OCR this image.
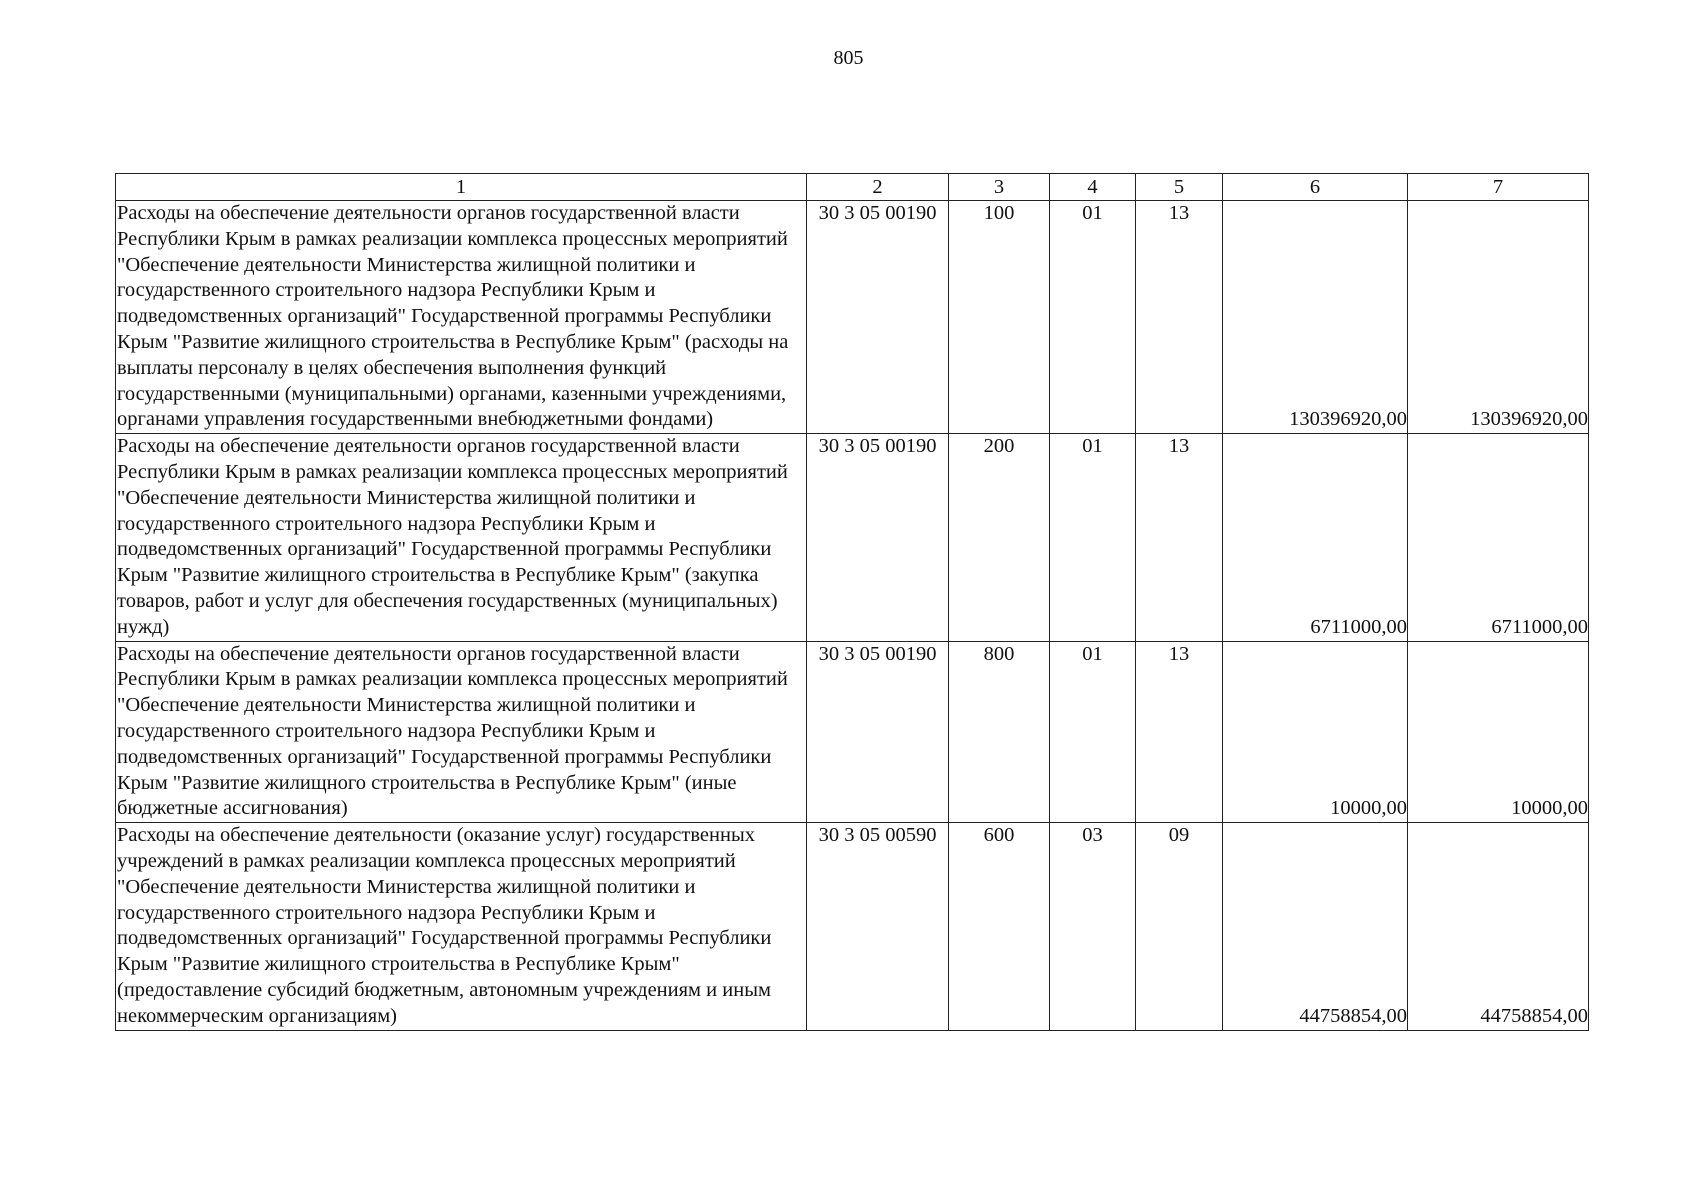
805
1	2	3	4	5	6	7
Расходы на обеспечение деятельности органов государственной власти Республики Крым в рамках реализации комплекса процессных мероприятий "Обеспечение деятельности Министерства жилищной политики и государственного строительного надзора Республики Крым и подведомственных организаций" Государственной программы Республики Крым "Развитие жилищного строительства в Республике Крым" (расходы на выплаты персоналу в целях обеспечения выполнения функций государственными (муниципальными) органами, казенными учреждениями, органами управления государственными внебюджетными фондами)	30 3 05 00190	100	01	13	130396920,00	130396920,00
Расходы на обеспечение деятельности органов государственной власти Республики Крым в рамках реализации комплекса процессных мероприятий "Обеспечение деятельности Министерства жилищной политики и государственного строительного надзора Республики Крым и подведомственных организаций" Государственной программы Республики Крым "Развитие жилищного строительства в Республике Крым" (закупка товаров, работ и услуг для обеспечения государственных (муниципальных) нужд)	30 3 05 00190	200	01	13	6711000,00	6711000,00
Расходы на обеспечение деятельности органов государственной власти Республики Крым в рамках реализации комплекса процессных мероприятий "Обеспечение деятельности Министерства жилищной политики и государственного строительного надзора Республики Крым и подведомственных организаций" Государственной программы Республики Крым "Развитие жилищного строительства в Республике Крым" (иные бюджетные ассигнования)	30 3 05 00190	800	01	13	10000,00	10000,00
Расходы на обеспечение деятельности (оказание услуг) государственных учреждений в рамках реализации комплекса процессных мероприятий "Обеспечение деятельности Министерства жилищной политики и государственного строительного надзора Республики Крым и подведомственных организаций" Государственной программы Республики Крым "Развитие жилищного строительства в Республике Крым" (предоставление субсидий бюджетным, автономным учреждениям и иным некоммерческим организациям)	30 3 05 00590	600	03	09	44758854,00	44758854,00
